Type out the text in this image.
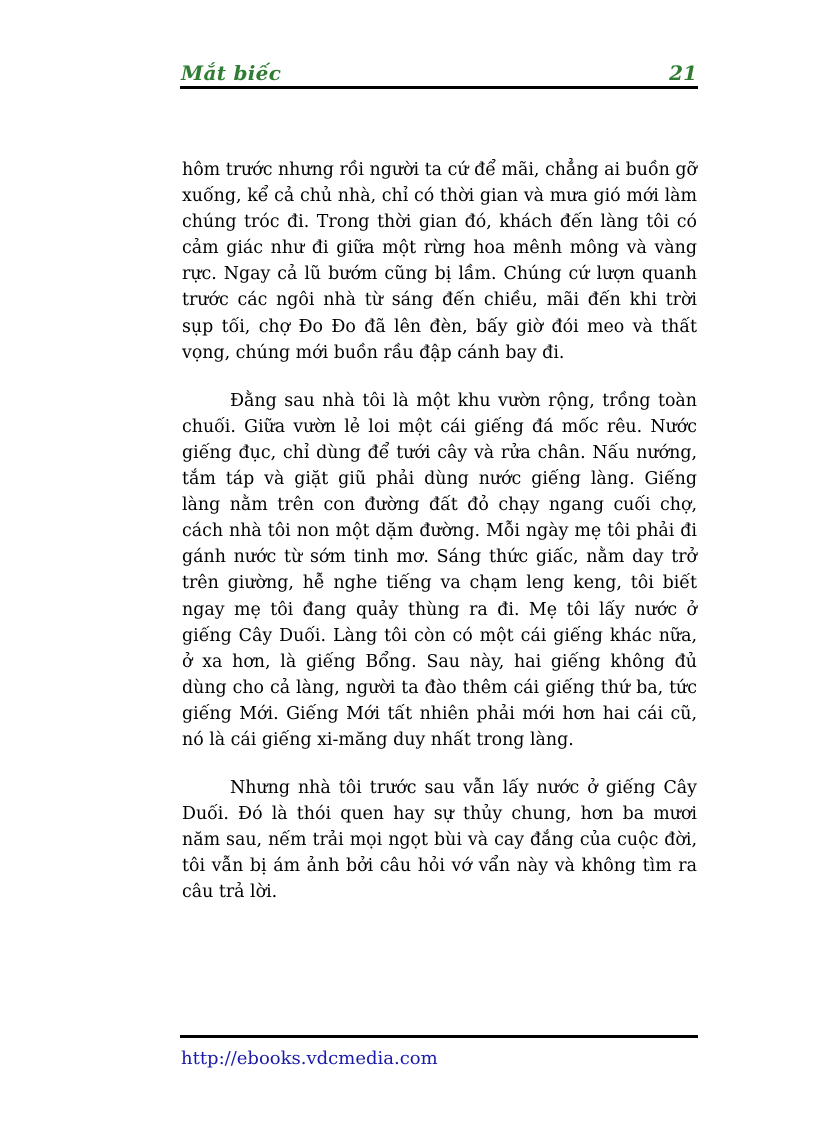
Mắt biếc	21

hôm trước nhưng rồi người ta cứ để mãi, chẳng ai buồn gỡ xuống, kể cả chủ nhà, chỉ có thời gian và mưa gió mới làm chúng tróc đi. Trong thời gian đó, khách đến làng tôi có cảm giác như đi giữa một rừng hoa mênh mông và vàng rực. Ngay cả lũ bướm cũng bị lầm. Chúng cứ lượn quanh trước các ngôi nhà từ sáng đến chiều, mãi đến khi trời sụp tối, chợ Đo Đo đã lên đèn, bấy giờ đói meo và thất vọng, chúng mới buồn rầu đập cánh bay đi.

Đằng sau nhà tôi là một khu vườn rộng, trồng toàn chuối. Giữa vườn lẻ loi một cái giếng đá mốc rêu. Nước giếng đục, chỉ dùng để tưới cây và rửa chân. Nấu nướng, tắm táp và giặt giũ phải dùng nước giếng làng. Giếng làng nằm trên con đường đất đỏ chạy ngang cuối chợ, cách nhà tôi non một dặm đường. Mỗi ngày mẹ tôi phải đi gánh nước từ sớm tinh mơ. Sáng thức giấc, nằm day trở trên giường, hễ nghe tiếng va chạm leng keng, tôi biết ngay mẹ tôi đang quảy thùng ra đi. Mẹ tôi lấy nước ở giếng Cây Duối. Làng tôi còn có một cái giếng khác nữa, ở xa hơn, là giếng Bổng. Sau này, hai giếng không đủ dùng cho cả làng, người ta đào thêm cái giếng thứ ba, tức giếng Mới. Giếng Mới tất nhiên phải mới hơn hai cái cũ, nó là cái giếng xi-măng duy nhất trong làng.

Nhưng nhà tôi trước sau vẫn lấy nước ở giếng Cây Duối. Đó là thói quen hay sự thủy chung, hơn ba mươi năm sau, nếm trải mọi ngọt bùi và cay đắng của cuộc đời, tôi vẫn bị ám ảnh bởi câu hỏi vớ vẩn này và không tìm ra câu trả lời.

http://ebooks.vdcmedia.com
